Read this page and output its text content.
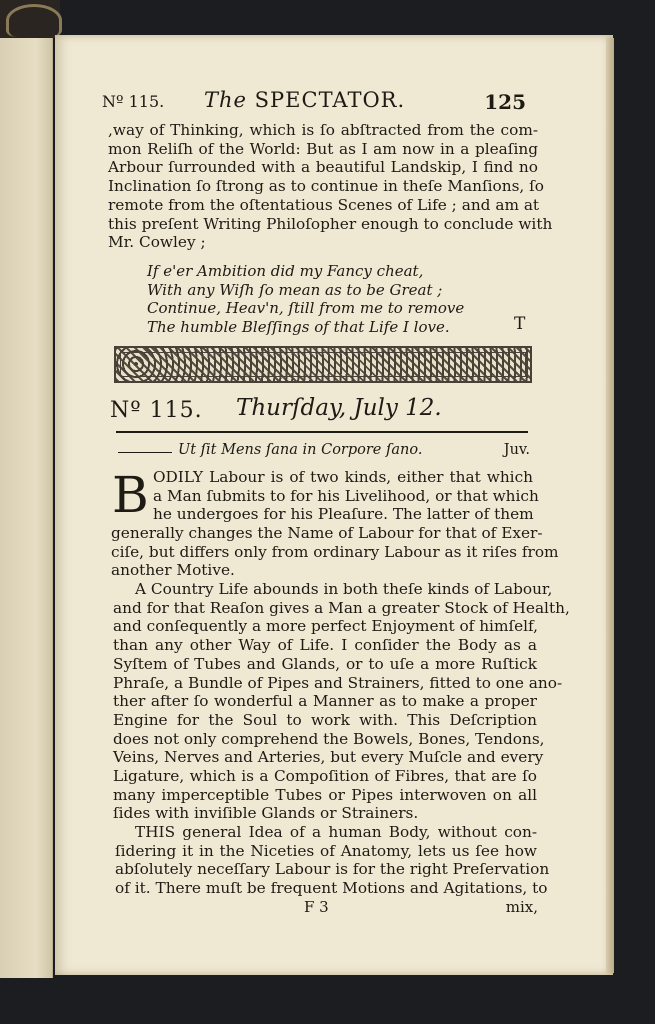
Nº 115. The SPECTATOR.	125
,way of Thinking, which is ſo abſtracted from the com-
mon Reliſh of the World: But as I am now in a pleaſing
Arbour ſurrounded with a beautiful Landskip, I find no
Inclination ſo ſtrong as to continue in theſe Manſions, ſo
remote from the oſtentatious Scenes of Life ; and am at
this preſent Writing Philoſopher enough to conclude with
Mr. Cowley ;
If e'er Ambition did my Fancy cheat,
With any Wiſh ſo mean as to be Great ;
Continue, Heav'n, ſtill from me to remove
The humble Bleſſings of that Life I love.	T
Nº 115. Thurſday, July 12.
Ut ſit Mens ſana in Corpore ſano.	Juv.
B ODILY Labour is of two kinds, either that which
a Man ſubmits to for his Livelihood, or that which
he undergoes for his Pleaſure. The latter of them
generally changes the Name of Labour for that of Exer-
ciſe, but differs only from ordinary Labour as it riſes from
another Motive.
A Country Life abounds in both theſe kinds of Labour,
and for that Reaſon gives a Man a greater Stock of Health,
and conſequently a more perfect Enjoyment of himſelf,
than any other Way of Life. I conſider the Body as a
Syſtem of Tubes and Glands, or to uſe a more Ruſtick
Phraſe, a Bundle of Pipes and Strainers, fitted to one ano-
ther after ſo wonderful a Manner as to make a proper
Engine for the Soul to work with. This Deſcription
does not only comprehend the Bowels, Bones, Tendons,
Veins, Nerves and Arteries, but every Muſcle and every
Ligature, which is a Compoſition of Fibres, that are ſo
many imperceptible Tubes or Pipes interwoven on all
ſides with inviſible Glands or Strainers.
THIS general Idea of a human Body, without con-
ſidering it in the Niceties of Anatomy, lets us ſee how
abſolutely neceſſary Labour is for the right Preſervation
of it. There muſt be frequent Motions and Agitations, to
F 3	mix,
